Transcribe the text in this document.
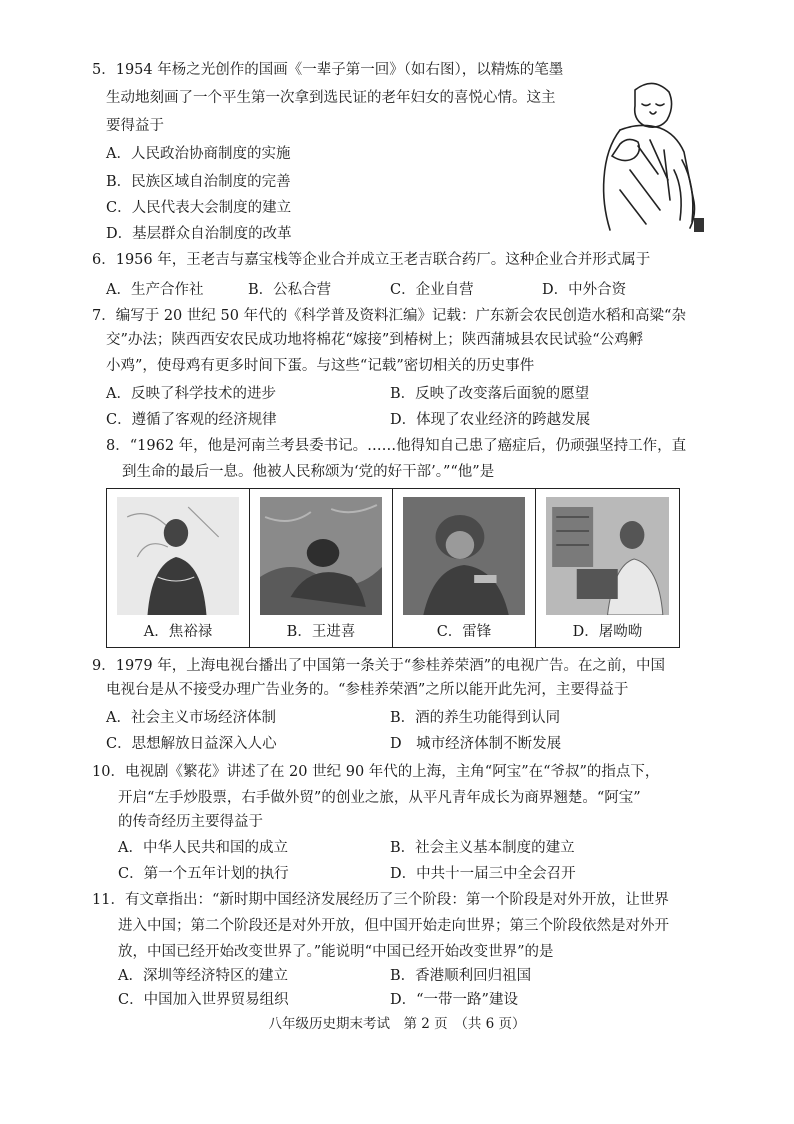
5．1954 年杨之光创作的国画《一辈子第一回》（如右图），以精炼的笔墨
生动地刻画了一个平生第一次拿到选民证的老年妇女的喜悦心情。这主
要得益于
A．人民政治协商制度的实施
B．民族区域自治制度的完善
C．人民代表大会制度的建立
D．基层群众自治制度的改革
6．1956 年，王老吉与嘉宝栈等企业合并成立王老吉联合药厂。这种企业合并形式属于
A．生产合作社	B．公私合营	C．企业自营	D．中外合资
7．编写于 20 世纪 50 年代的《科学普及资料汇编》记载：广东新会农民创造水稻和高粱“杂
交”办法；陕西西安农民成功地将棉花“嫁接”到椿树上；陕西蒲城县农民试验“公鸡孵
小鸡”，使母鸡有更多时间下蛋。与这些“记载”密切相关的历史事件
A．反映了科学技术的进步	B．反映了改变落后面貌的愿望
C．遵循了客观的经济规律	D．体现了农业经济的跨越发展
8．“1962 年，他是河南兰考县委书记。……他得知自己患了癌症后，仍顽强坚持工作，直
到生命的最后一息。他被人民称颂为‘党的好干部’。”“他”是
A．焦裕禄	B．王进喜	C．雷锋	D．屠呦呦
9．1979 年，上海电视台播出了中国第一条关于“参桂养荣酒”的电视广告。在之前，中国
电视台是从不接受办理广告业务的。“参桂养荣酒”之所以能开此先河，主要得益于
A．社会主义市场经济体制	B．酒的养生功能得到认同
C．思想解放日益深入人心	D　城市经济体制不断发展
10．电视剧《繁花》讲述了在 20 世纪 90 年代的上海，主角“阿宝”在“爷叔”的指点下，
开启“左手炒股票，右手做外贸”的创业之旅，从平凡青年成长为商界翘楚。“阿宝”
的传奇经历主要得益于
A．中华人民共和国的成立	B．社会主义基本制度的建立
C．第一个五年计划的执行	D．中共十一届三中全会召开
11．有文章指出：“新时期中国经济发展经历了三个阶段：第一个阶段是对外开放，让世界
进入中国；第二个阶段还是对外开放，但中国开始走向世界；第三个阶段依然是对外开
放，中国已经开始改变世界了。”能说明“中国已经开始改变世界”的是
A．深圳等经济特区的建立	B．香港顺利回归祖国
C．中国加入世界贸易组织	D．“一带一路”建设
八年级历史期末考试　第 2 页　（共 6 页）
